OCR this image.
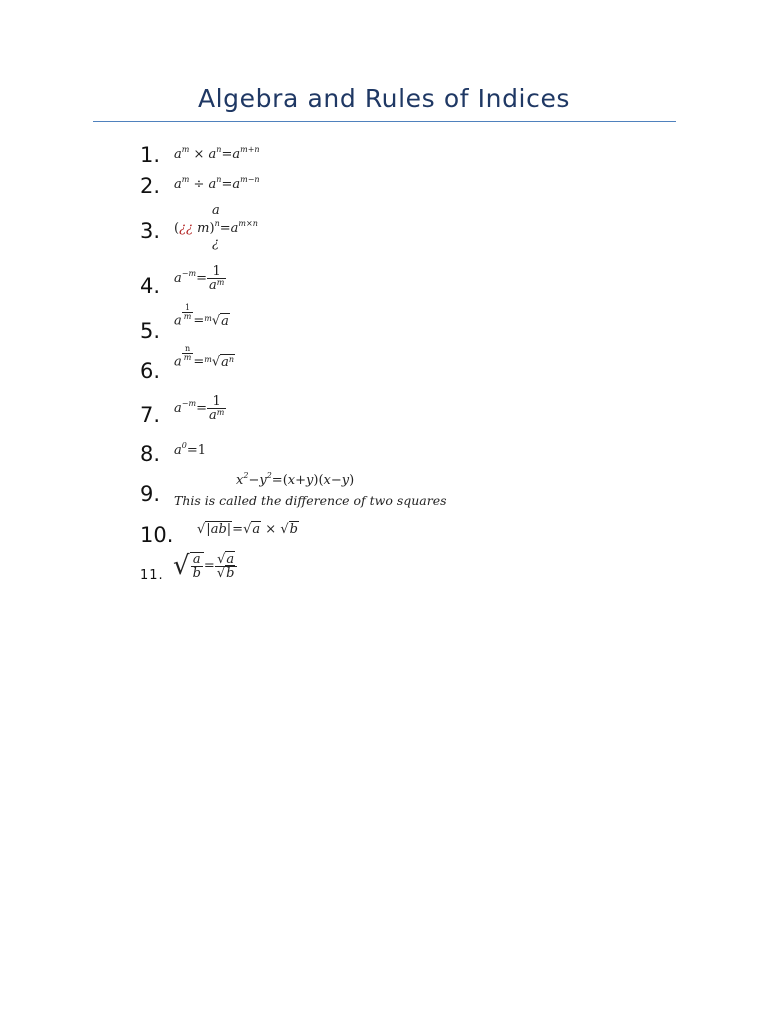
Algebra and Rules of Indices
1.
2.
3.
4.
5.
6.
7.
8.
9.
10.
11.
$a^m \times a^n=a^{m+n}$
$a^m \div a^n=a^{m-n}$
a
(¿¿ $m)^n=a^{m\times n}$
¿
$a^{-m}= \frac{1}{a^m}$
a $^{\frac{1}{m}}$ =$^m$√a
a $^{\frac{n}{m}} =^m√a^n$
$a^{-m}= \frac{1}{a^m}$
$a^0=1$
$x^2-y^2=(x+y)(x-y)$
This is called the difference of two squares
√|ab|=√a × √b
√ $\frac{a}{b} = \frac{√a}{√b}$
